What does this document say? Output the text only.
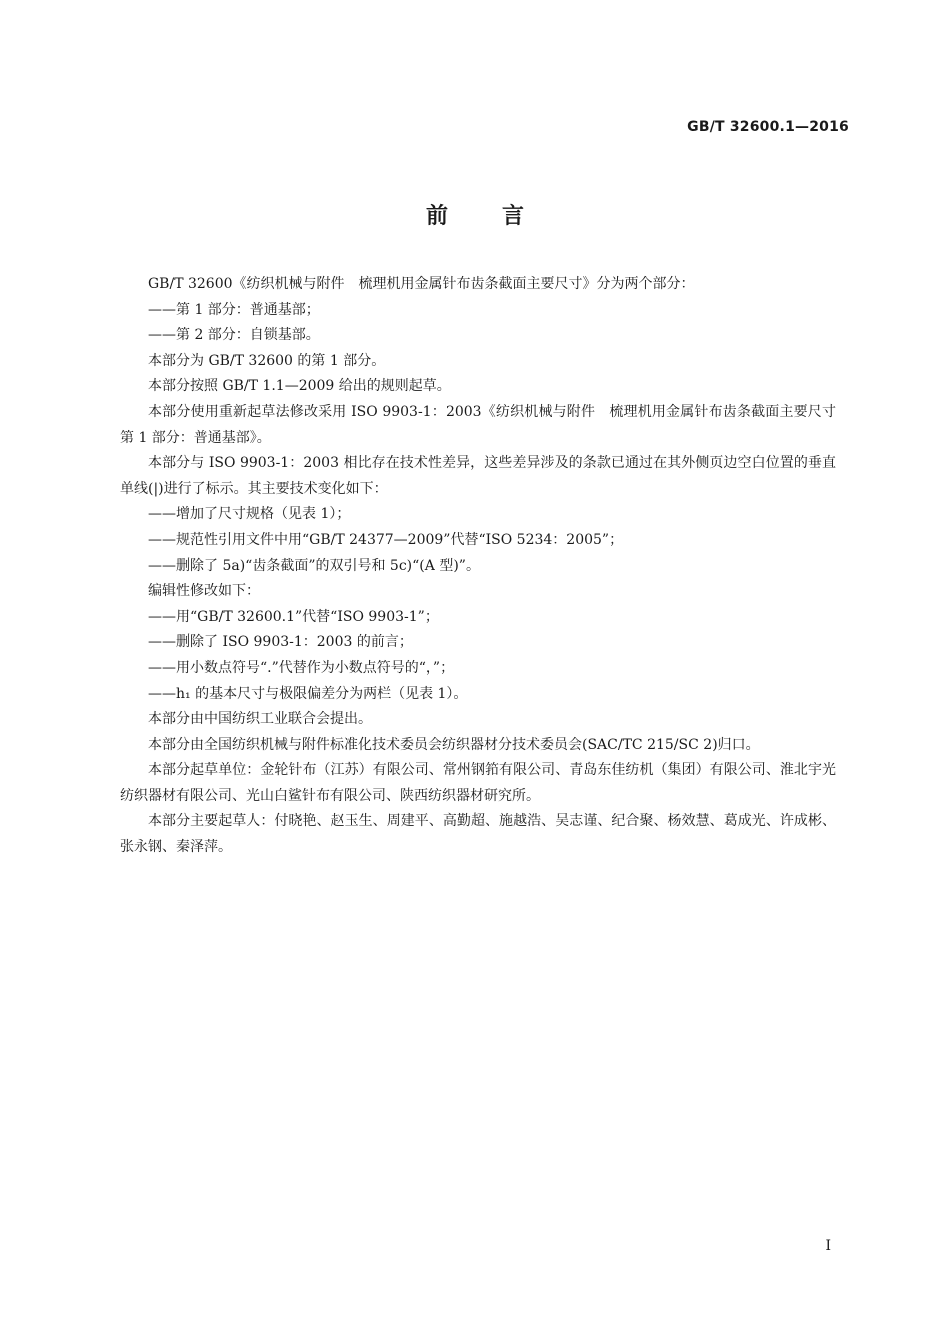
GB/T 32600.1—2016
前 言

GB/T 32600《纺织机械与附件　梳理机用金属针布齿条截面主要尺寸》分为两个部分：

——第 1 部分：普通基部；

——第 2 部分：自锁基部。

本部分为 GB/T 32600 的第 1 部分。

本部分按照 GB/T 1.1—2009 给出的规则起草。

本部分使用重新起草法修改采用 ISO 9903-1：2003《纺织机械与附件　梳理机用金属针布齿条截面主要尺寸　第 1 部分：普通基部》。

本部分与 ISO 9903-1：2003 相比存在技术性差异，这些差异涉及的条款已通过在其外侧页边空白位置的垂直单线(|)进行了标示。其主要技术变化如下：

——增加了尺寸规格（见表 1）；

——规范性引用文件中用“GB/T 24377—2009”代替“ISO 5234：2005”；

——删除了 5a)“齿条截面”的双引号和 5c)“(A 型)”。

编辑性修改如下：

——用“GB/T 32600.1”代替“ISO 9903-1”；

——删除了 ISO 9903-1：2003 的前言；

——用小数点符号“.”代替作为小数点符号的“，”；

——h₁ 的基本尺寸与极限偏差分为两栏（见表 1）。

本部分由中国纺织工业联合会提出。

本部分由全国纺织机械与附件标准化技术委员会纺织器材分技术委员会(SAC/TC 215/SC 2)归口。

本部分起草单位：金轮针布（江苏）有限公司、常州钢筘有限公司、青岛东佳纺机（集团）有限公司、淮北宇光纺织器材有限公司、光山白鲨针布有限公司、陕西纺织器材研究所。

本部分主要起草人：付晓艳、赵玉生、周建平、高勤超、施越浩、吴志谨、纪合聚、杨效慧、葛成光、许成彬、张永钢、秦泽萍。

I
